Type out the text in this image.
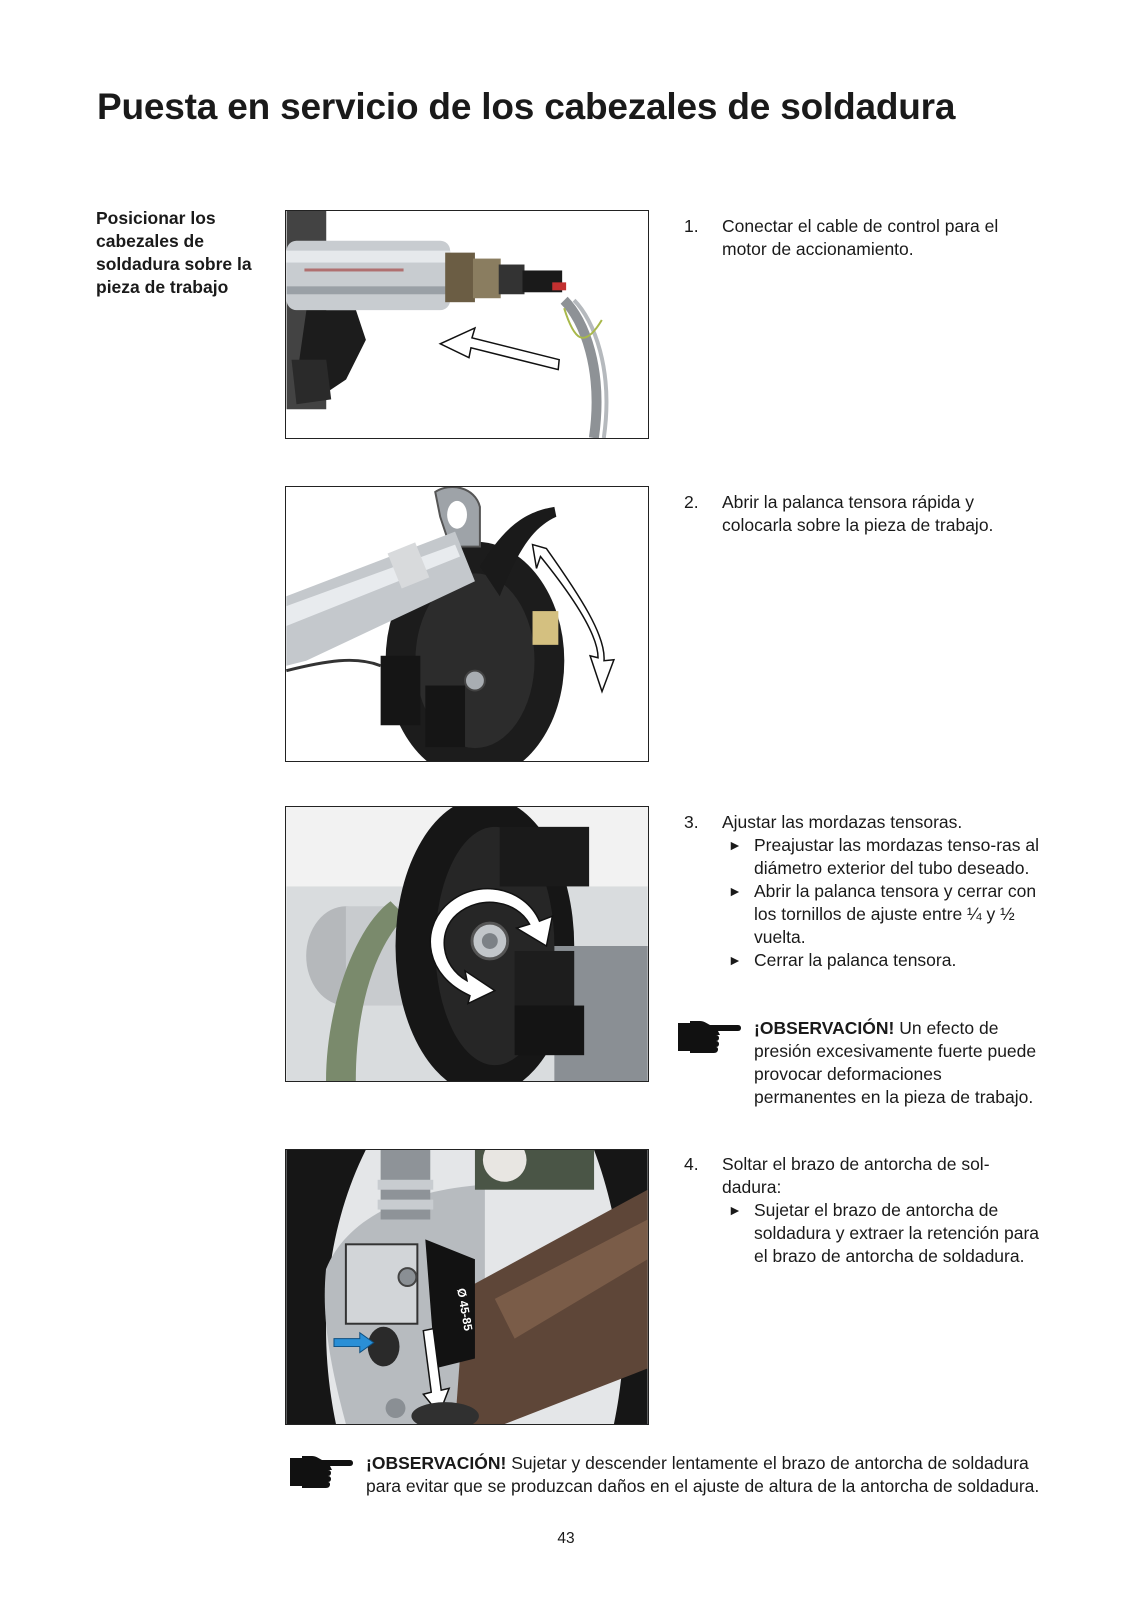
Puesta en servicio de los cabezales de soldadura
Posicionar los cabezales de soldadura sobre la pieza de trabajo
Ø 45-85
1.	Conectar el cable de control para el motor de accionamiento.
2.	Abrir la palanca tensora rápida y colocarla sobre la pieza de trabajo.
3.	Ajustar las mordazas tensoras.
► Preajustar las mordazas tenso-ras al diámetro exterior del tubo deseado.
► Abrir la palanca tensora y cerrar con los tornillos de ajuste entre ¼ y ½ vuelta.
► Cerrar la palanca tensora.
¡OBSERVACIÓN! Un efecto de presión excesivamente fuerte puede provocar deformaciones permanentes en la pieza de trabajo.
4.	Soltar el brazo de antorcha de sol-dadura:
► Sujetar el brazo de antorcha de soldadura y extraer la retención para el brazo de antorcha de soldadura.
¡OBSERVACIÓN! Sujetar y descender lentamente el brazo de antorcha de soldadura para evitar que se produzcan daños en el ajuste de altura de la antorcha de soldadura.
43
